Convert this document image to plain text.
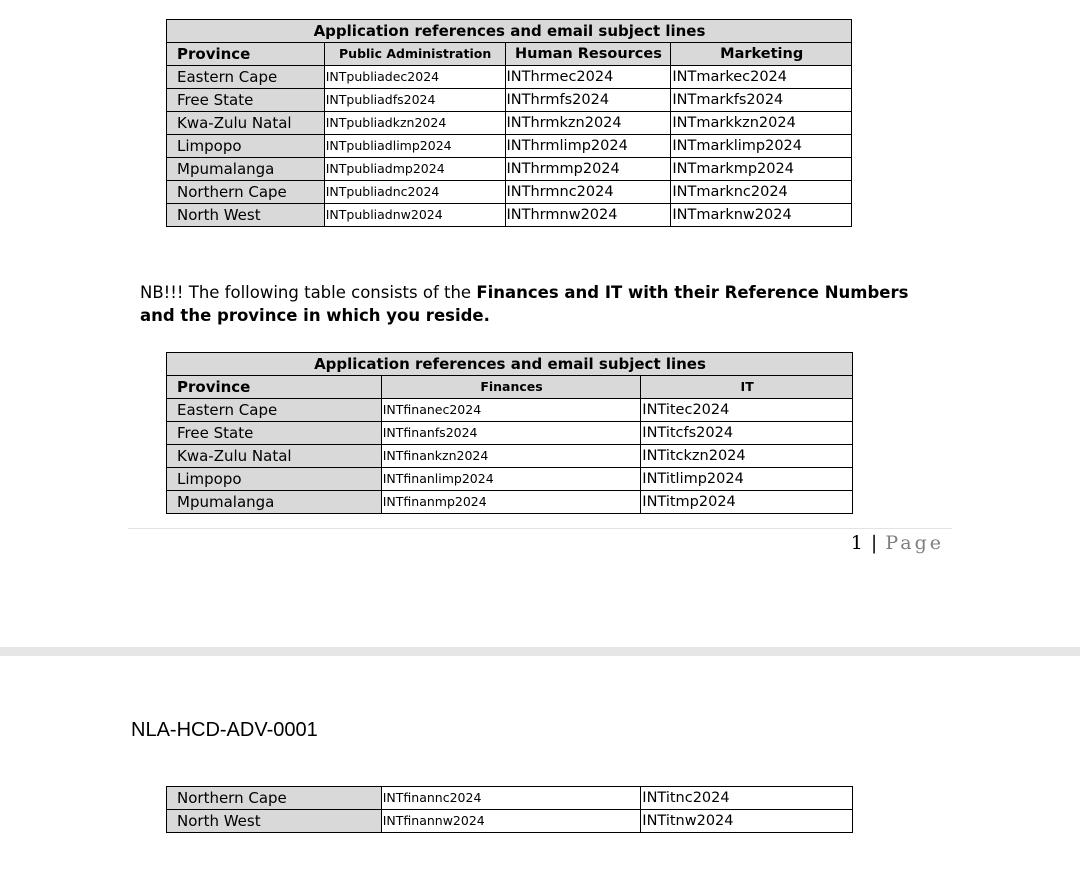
Application references and email subject lines			
Province	Public Administration	Human Resources	Marketing
Eastern Cape	INTpubliadec2024	INThrmec2024	INTmarkec2024
Free State	INTpubliadfs2024	INThrmfs2024	INTmarkfs2024
Kwa-Zulu Natal	INTpubliadkzn2024	INThrmkzn2024	INTmarkkzn2024
Limpopo	INTpubliadlimp2024	INThrmlimp2024	INTmarklimp2024
Mpumalanga	INTpubliadmp2024	INThrmmp2024	INTmarkmp2024
Northern Cape	INTpubliadnc2024	INThrmnc2024	INTmarknc2024
North West	INTpubliadnw2024	INThrmnw2024	INTmarknw2024

NB!!! The following table consists of the Finances and IT with their Reference Numbers and the province in which you reside.

Application references and email subject lines		
Province	Finances	IT
Eastern Cape	INTfinanec2024	INTitec2024
Free State	INTfinanfs2024	INTitcfs2024
Kwa-Zulu Natal	INTfinankzn2024	INTitckzn2024
Limpopo	INTfinanlimp2024	INTitlimp2024
Mpumalanga	INTfinanmp2024	INTitmp2024
1 | Page
NLA-HCD-ADV-0001
Northern Cape	INTfinannc2024	INTitnc2024
North West	INTfinannw2024	INTitnw2024
